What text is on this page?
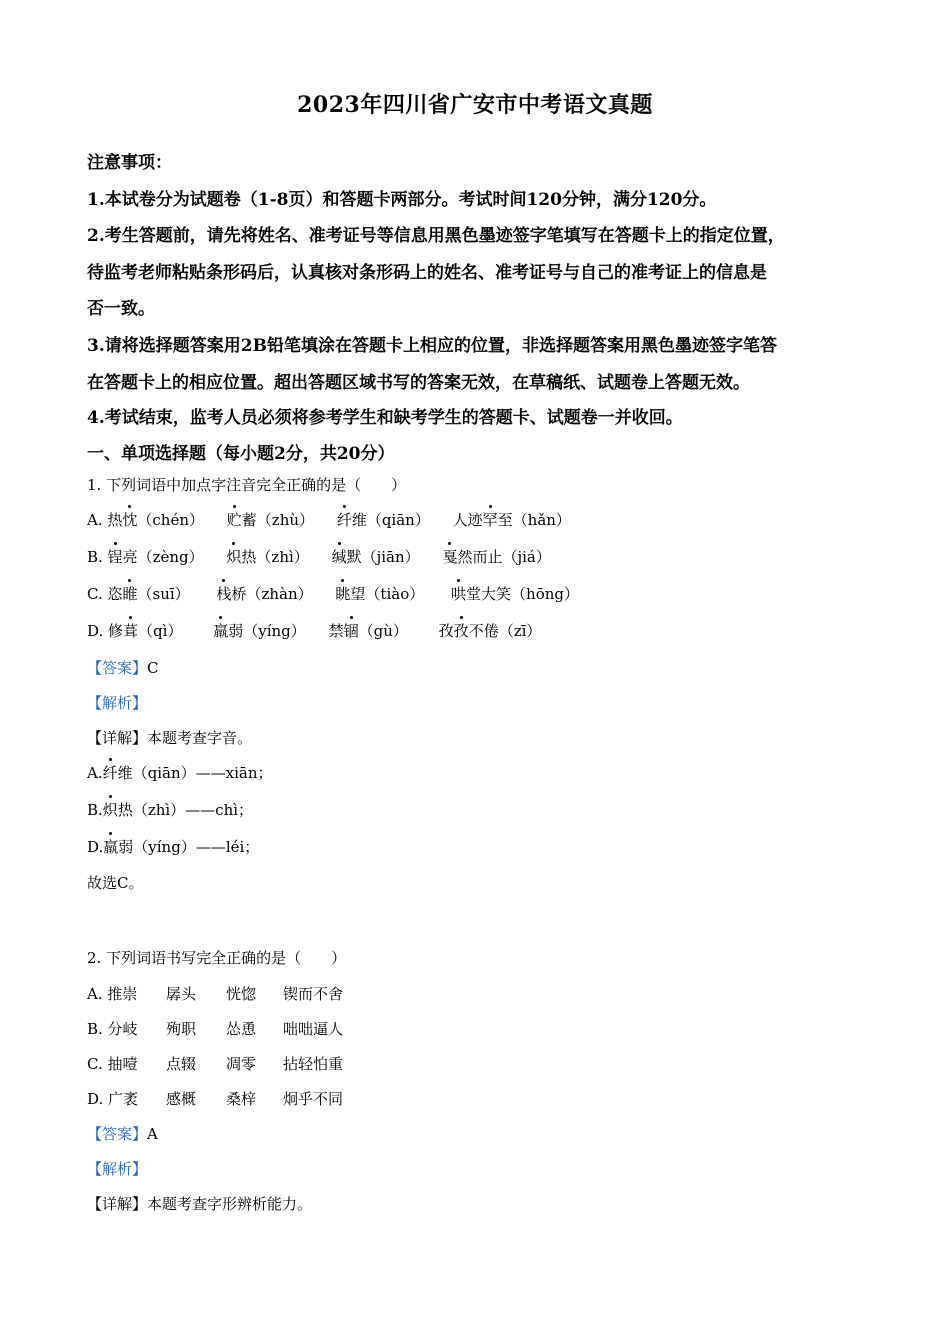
2023年四川省广安市中考语文真题
注意事项：
1.本试卷分为试题卷（1-8页）和答题卡两部分。考试时间120分钟，满分120分。
2.考生答题前，请先将姓名、准考证号等信息用黑色墨迹签字笔填写在答题卡上的指定位置，
待监考老师粘贴条形码后，认真核对条形码上的姓名、准考证号与自己的准考证上的信息是
否一致。
3.请将选择题答案用2B铅笔填涂在答题卡上相应的位置，非选择题答案用黑色墨迹签字笔答
在答题卡上的相应位置。超出答题区域书写的答案无效，在草稿纸、试题卷上答题无效。
4.考试结束，监考人员必须将参考学生和缺考学生的答题卡、试题卷一并收回。
一、单项选择题（每小题2分，共20分）
1. 下列词语中加点字注音完全正确的是（　　）
A. 热忱（chén） 贮蓄（zhù） 纤维（qiān） 人迹罕至（hǎn）
B. 锃亮（zèng） 炽热（zhì） 缄默（jiān） 戛然而止（jiá）
C. 恣睢（suī） 栈桥（zhàn） 眺望（tiào） 哄堂大笑（hōng）
D. 修葺（qì） 羸弱（yíng） 禁锢（gù） 孜孜不倦（zī）
【答案】C
【解析】
【详解】本题考查字音。
A.纤维（qiān）——xiān；
B.炽热（zhì）——chì；
D.羸弱（yíng）——léi；
故选C。
2. 下列词语书写完全正确的是（　　）
A. 推崇 孱头 恍惚 锲而不舍
B. 分岐 殉职 怂恿 咄咄逼人
C. 抽噎 点辍 凋零 拈轻怕重
D. 广袤 感概 桑梓 炯乎不同
【答案】A
【解析】
【详解】本题考查字形辨析能力。
